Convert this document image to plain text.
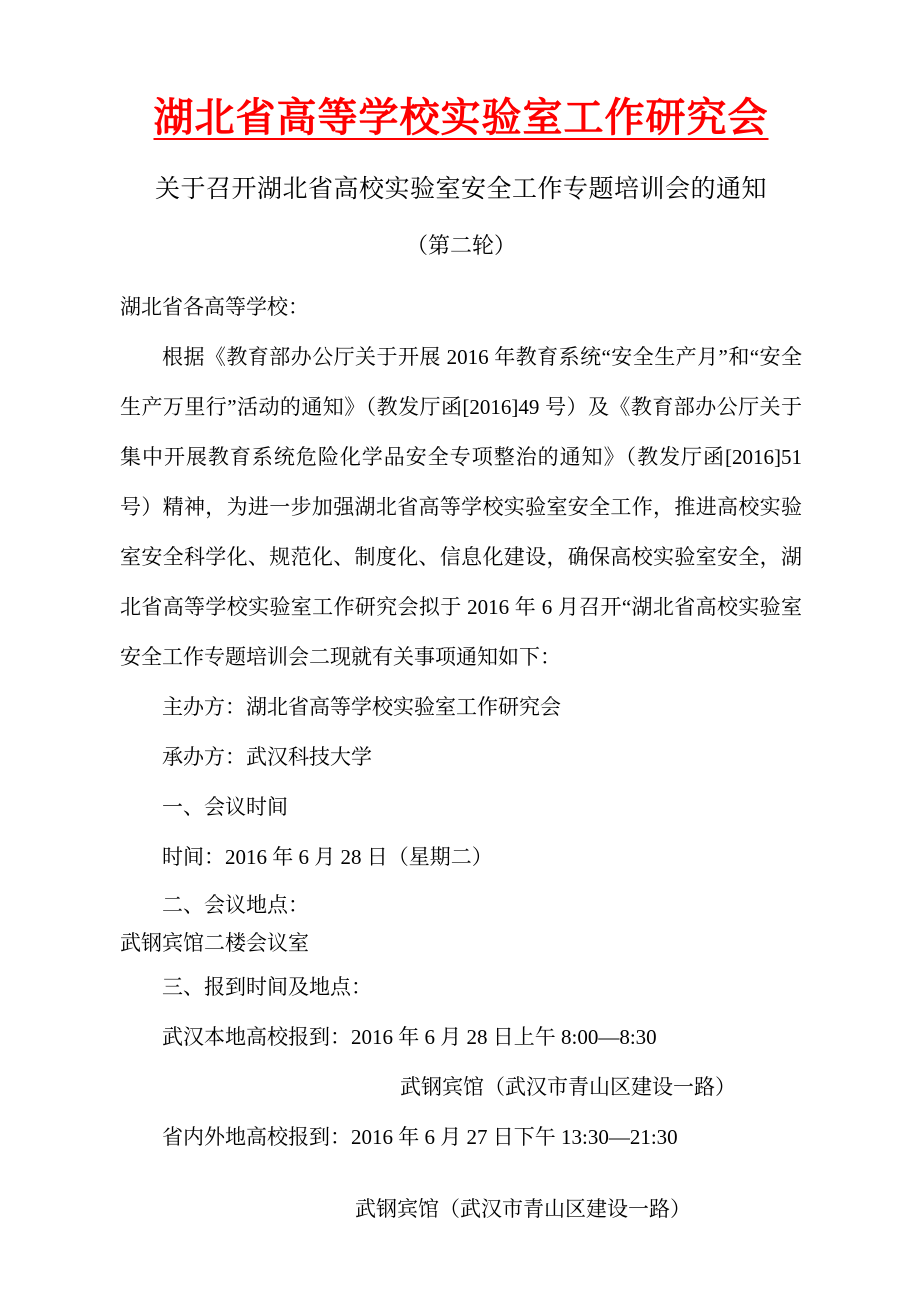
湖北省高等学校实验室工作研究会
关于召开湖北省高校实验室安全工作专题培训会的通知
（第二轮）

湖北省各高等学校：

根据《教育部办公厅关于开展 2016 年教育系统“安全生产月”和“安全生产万里行”活动的通知》（教发厅函[2016]49 号）及《教育部办公厅关于集中开展教育系统危险化学品安全专项整治的通知》（教发厅函[2016]51 号）精神，为进一步加强湖北省高等学校实验室安全工作，推进高校实验室安全科学化、规范化、制度化、信息化建设，确保高校实验室安全，湖北省高等学校实验室工作研究会拟于 2016 年 6 月召开“湖北省高校实验室安全工作专题培训会二现就有关事项通知如下：

主办方：湖北省高等学校实验室工作研究会

承办方：武汉科技大学

一、会议时间

时间：2016 年 6 月 28 日（星期二）

二、会议地点：

武钢宾馆二楼会议室

三、报到时间及地点：

武汉本地高校报到：2016 年 6 月 28 日上午 8:00—8:30

武钢宾馆（武汉市青山区建设一路）

省内外地高校报到：2016 年 6 月 27 日下午 13:30—21:30

武钢宾馆（武汉市青山区建设一路）
